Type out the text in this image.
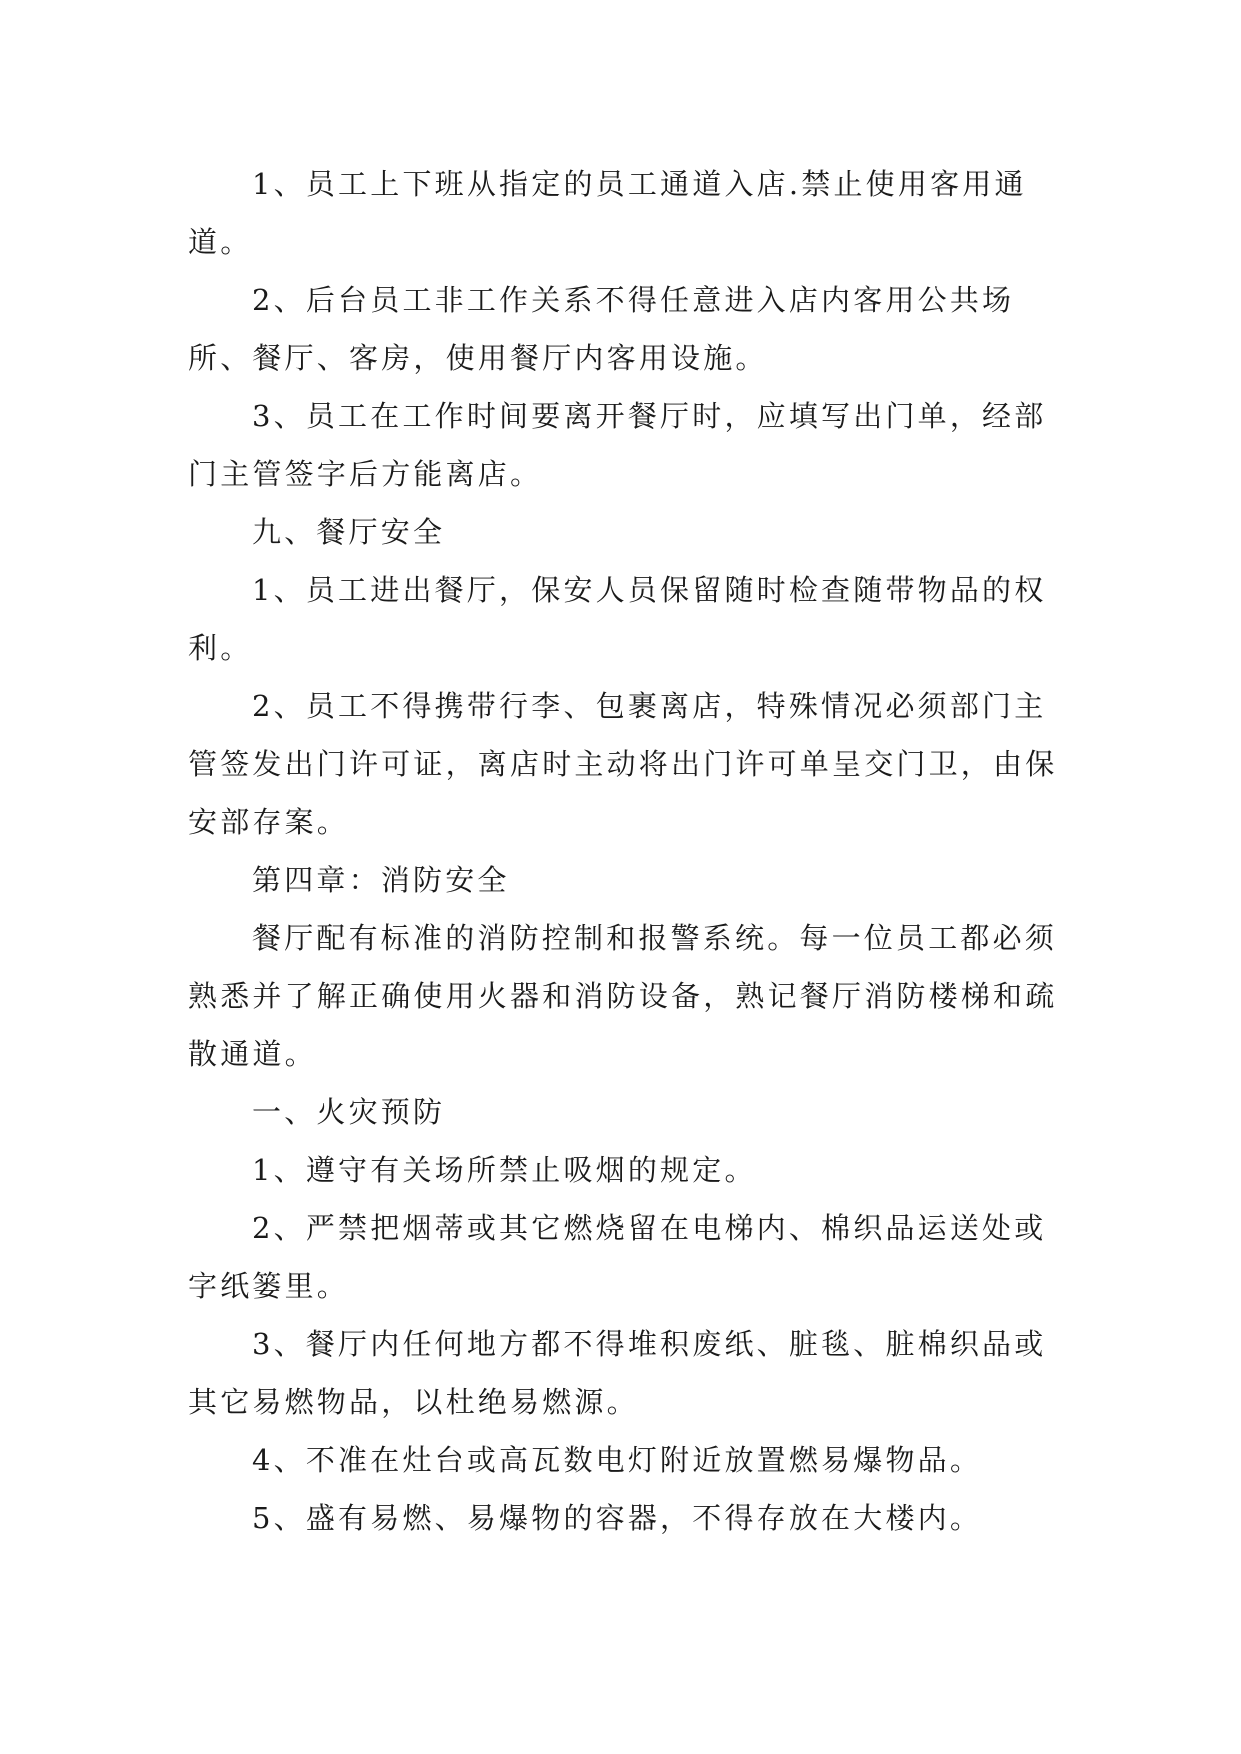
1、员工上下班从指定的员工通道入店.禁止使用客用通道。

2、后台员工非工作关系不得任意进入店内客用公共场所、餐厅、客房，使用餐厅内客用设施。

3、员工在工作时间要离开餐厅时，应填写出门单，经部门主管签字后方能离店。

九、餐厅安全

1、员工进出餐厅，保安人员保留随时检查随带物品的权利。

2、员工不得携带行李、包裹离店，特殊情况必须部门主管签发出门许可证，离店时主动将出门许可单呈交门卫，由保安部存案。

第四章：消防安全

餐厅配有标准的消防控制和报警系统。每一位员工都必须熟悉并了解正确使用火器和消防设备，熟记餐厅消防楼梯和疏散通道。

一、火灾预防

1、遵守有关场所禁止吸烟的规定。

2、严禁把烟蒂或其它燃烧留在电梯内、棉织品运送处或字纸篓里。

3、餐厅内任何地方都不得堆积废纸、脏毯、脏棉织品或其它易燃物品，以杜绝易燃源。

4、不准在灶台或高瓦数电灯附近放置燃易爆物品。

5、盛有易燃、易爆物的容器，不得存放在大楼内。
